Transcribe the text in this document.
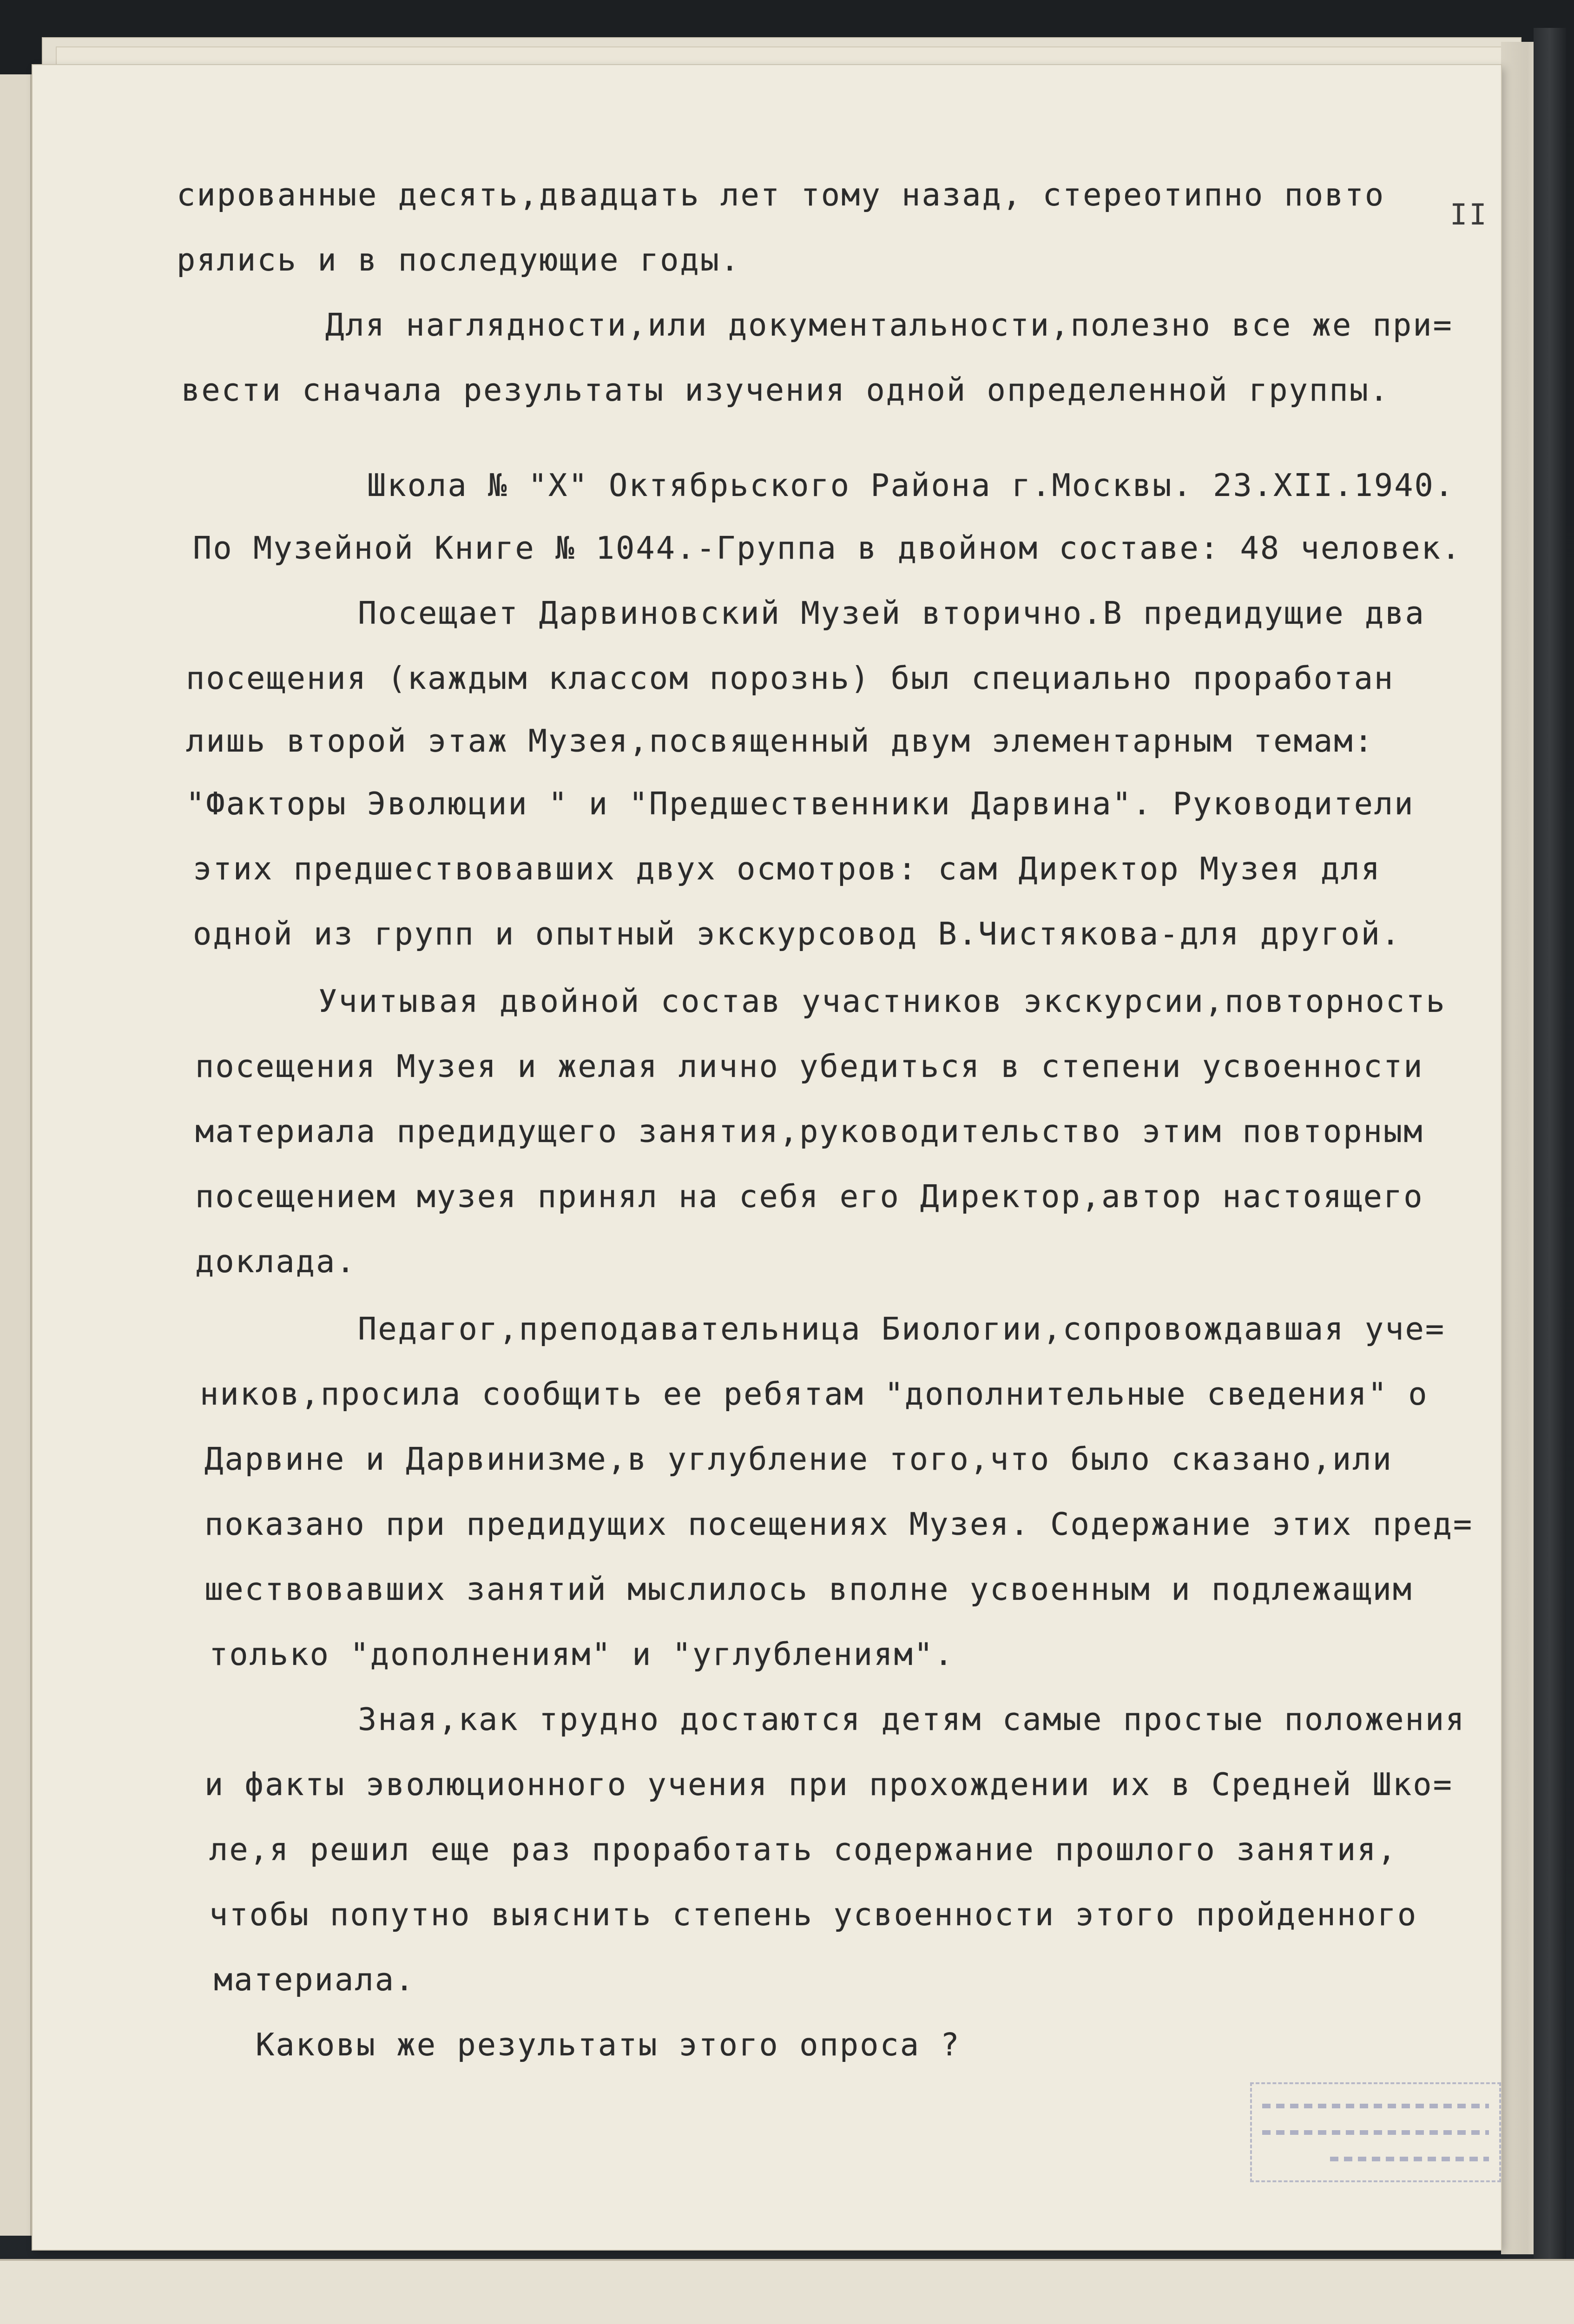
II
сированные десять,двадцать лет тому назад, стереотипно повто
рялись и в последующие годы.
Для наглядности,или документальности,полезно все же при=
вести сначала результаты изучения одной определенной группы.
Школа № "Х" Октябрьского Района г.Москвы. 23.XII.1940.
По Музейной Книге № 1044.-Группа в двойном составе: 48 человек.
Посещает Дарвиновский Музей вторично.В предидущие два
посещения (каждым классом порознь) был специально проработан
лишь второй этаж Музея,посвященный двум элементарным темам:
"Факторы Эволюции " и "Предшественники Дарвина". Руководители
этих предшествовавших двух осмотров: сам Директор Музея для
одной из групп и опытный экскурсовод В.Чистякова-для другой.
Учитывая двойной состав участников экскурсии,повторность
посещения Музея и желая лично убедиться в степени усвоенности
материала предидущего занятия,руководительство этим повторным
посещением музея принял на себя его Директор,автор настоящего
доклада.
Педагог,преподавательница Биологии,сопровождавшая уче=
ников,просила сообщить ее ребятам "дополнительные сведения" о
Дарвине и Дарвинизме,в углубление того,что было сказано,или
показано при предидущих посещениях Музея. Содержание этих пред=
шествовавших занятий мыслилось вполне усвоенным и подлежащим
только "дополнениям" и "углублениям".
Зная,как трудно достаются детям самые простые положения
и факты эволюционного учения при прохождении их в Средней Шко=
ле,я решил еще раз проработать содержание прошлого занятия,
чтобы попутно выяснить степень усвоенности этого пройденного
материала.
Каковы же результаты этого опроса ?
